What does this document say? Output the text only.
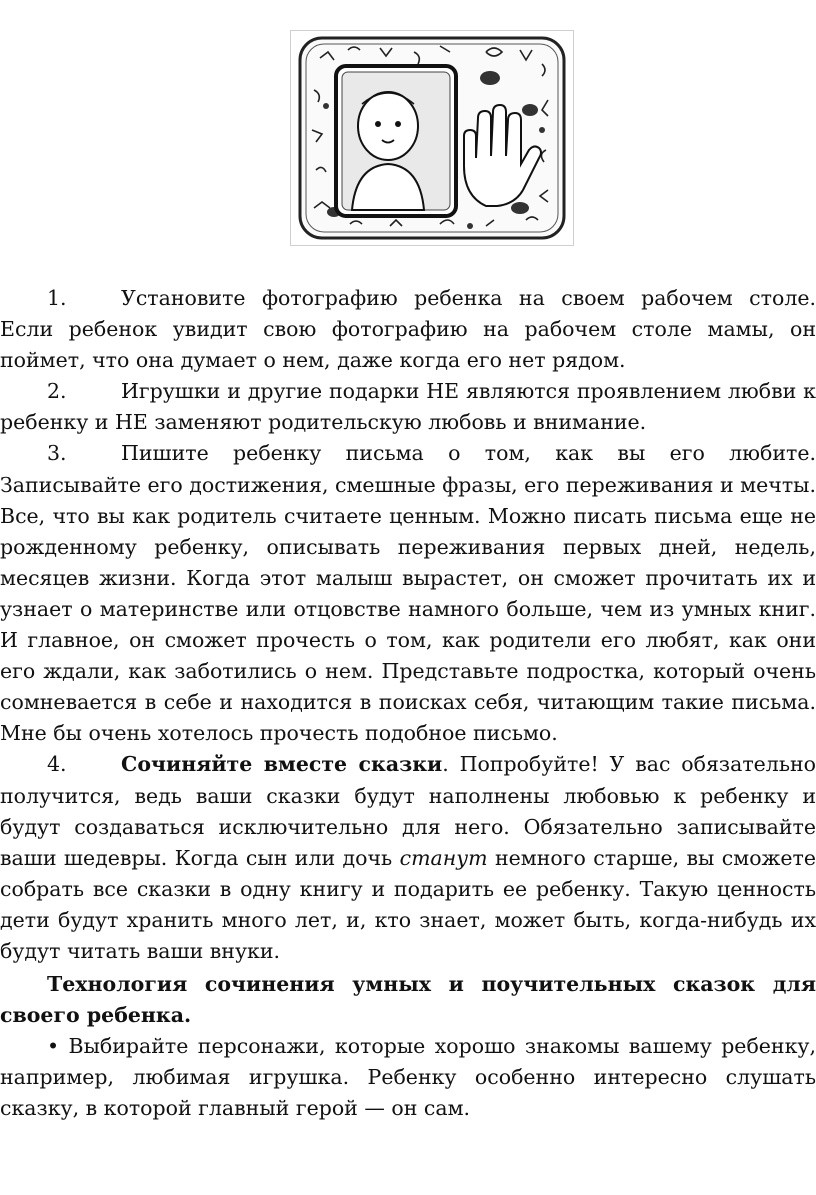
1.	Установите фотографию ребенка на своем рабочем столе. Если ребенок увидит свою фотографию на рабочем столе мамы, он поймет, что она думает о нем, даже когда его нет рядом.

2.	Игрушки и другие подарки НЕ являются проявлением любви к ребенку и НЕ заменяют родительскую любовь и внимание.

3.	Пишите ребенку письма о том, как вы его любите. Записывайте его достижения, смешные фразы, его переживания и мечты. Все, что вы как родитель считаете ценным. Можно писать письма еще не рожденному ребенку, описывать переживания первых дней, недель, месяцев жизни. Когда этот малыш вырастет, он сможет прочитать их и узнает о материнстве или отцовстве намного больше, чем из умных книг. И главное, он сможет прочесть о том, как родители его любят, как они его ждали, как заботились о нем. Представьте подростка, который очень сомневается в себе и находится в поисках себя, читающим такие письма. Мне бы очень хотелось прочесть подобное письмо.

4.	Сочиняйте вместе сказки. Попробуйте! У вас обязательно получится, ведь ваши сказки будут наполнены любовью к ребенку и будут создаваться исключительно для него. Обязательно записывайте ваши шедевры. Когда сын или дочь станут немного старше, вы сможете собрать все сказки в одну книгу и подарить ее ребенку. Такую ценность дети будут хранить много лет, и, кто знает, может быть, когда-нибудь их будут читать ваши внуки.

Технология сочинения умных и поучительных сказок для своего ребенка.

• Выбирайте персонажи, которые хорошо знакомы вашему ребенку, например, любимая игрушка. Ребенку особенно интересно слушать сказку, в которой главный герой — он сам.
